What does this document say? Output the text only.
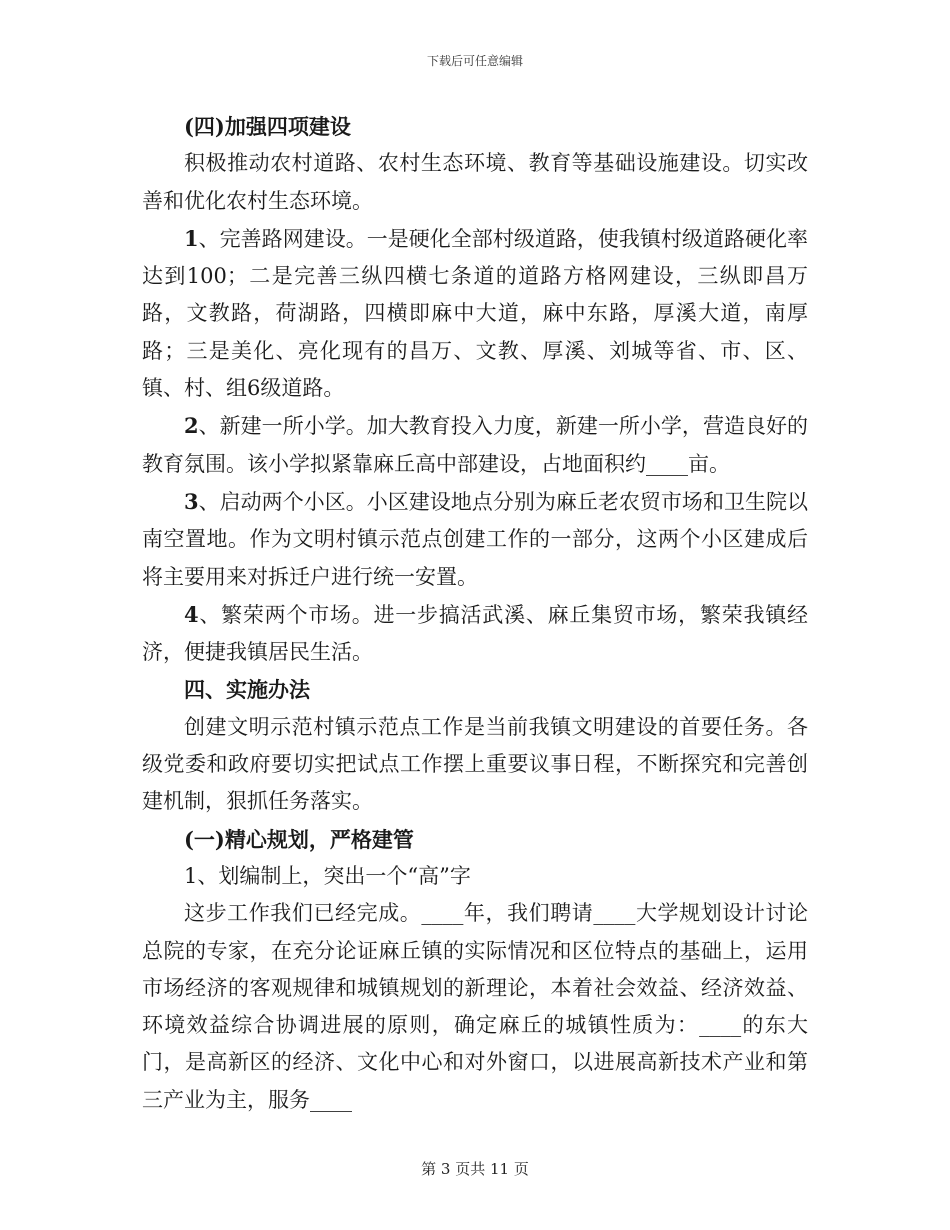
下载后可任意编辑

(四)加强四项建设

积极推动农村道路、农村生态环境、教育等基础设施建设。切实改善和优化农村生态环境。

1、完善路网建设。一是硬化全部村级道路，使我镇村级道路硬化率达到100；二是完善三纵四横七条道的道路方格网建设，三纵即昌万路，文教路，荷湖路，四横即麻中大道，麻中东路，厚溪大道，南厚路；三是美化、亮化现有的昌万、文教、厚溪、刘城等省、市、区、镇、村、组6级道路。

2、新建一所小学。加大教育投入力度，新建一所小学，营造良好的教育氛围。该小学拟紧靠麻丘高中部建设，占地面积约____亩。

3、启动两个小区。小区建设地点分别为麻丘老农贸市场和卫生院以南空置地。作为文明村镇示范点创建工作的一部分，这两个小区建成后将主要用来对拆迁户进行统一安置。

4、繁荣两个市场。进一步搞活武溪、麻丘集贸市场，繁荣我镇经济，便捷我镇居民生活。

四、实施办法

创建文明示范村镇示范点工作是当前我镇文明建设的首要任务。各级党委和政府要切实把试点工作摆上重要议事日程，不断探究和完善创建机制，狠抓任务落实。

(一)精心规划，严格建管

1、划编制上，突出一个“高”字

这步工作我们已经完成。____年，我们聘请____大学规划设计讨论总院的专家，在充分论证麻丘镇的实际情况和区位特点的基础上，运用市场经济的客观规律和城镇规划的新理论，本着社会效益、经济效益、环境效益综合协调进展的原则，确定麻丘的城镇性质为：____的东大门，是高新区的经济、文化中心和对外窗口，以进展高新技术产业和第三产业为主，服务____

第 3 页共 11 页
